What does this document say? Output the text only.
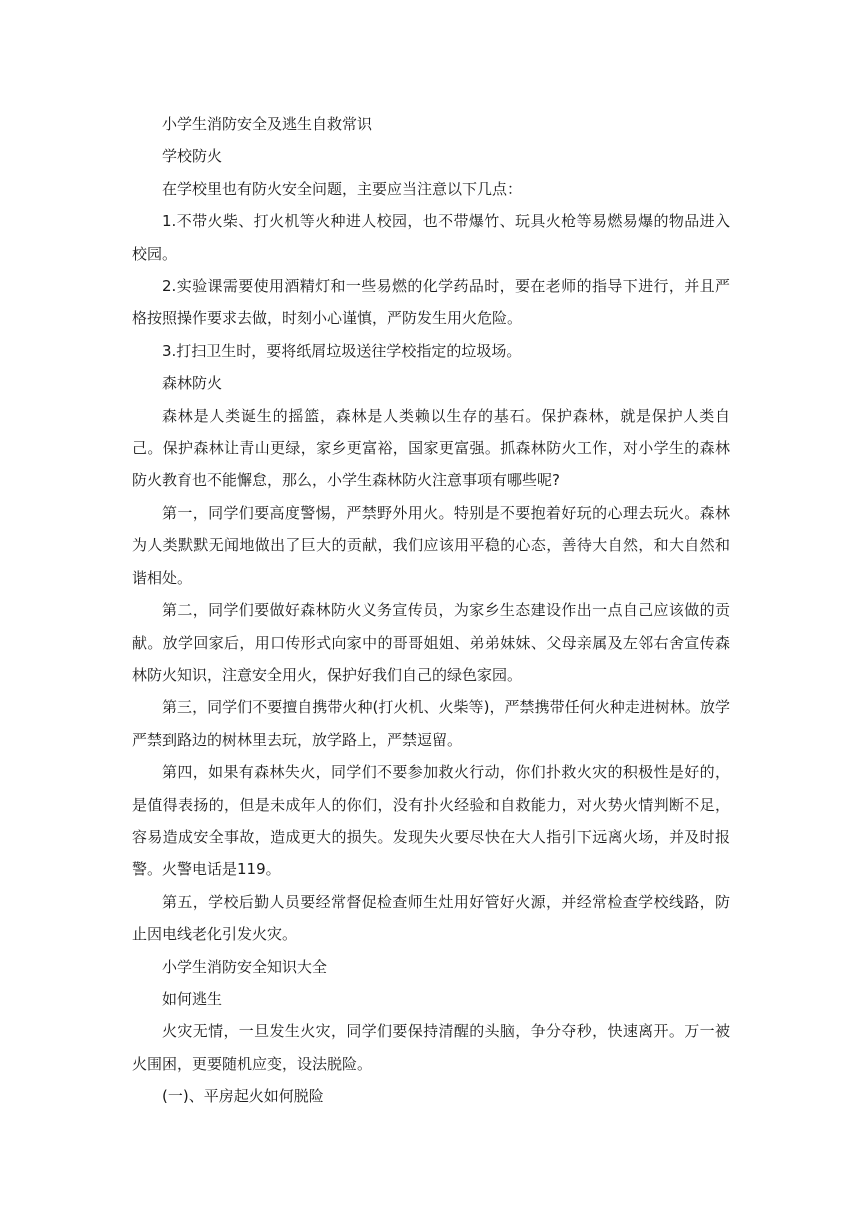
小学生消防安全及逃生自救常识

学校防火

在学校里也有防火安全问题，主要应当注意以下几点：

1.不带火柴、打火机等火种进人校园，也不带爆竹、玩具火枪等易燃易爆的物品进入校园。

2.实验课需要使用酒精灯和一些易燃的化学药品时，要在老师的指导下进行，并且严格按照操作要求去做，时刻小心谨慎，严防发生用火危险。

3.打扫卫生时，要将纸屑垃圾送往学校指定的垃圾场。

森林防火

森林是人类诞生的摇篮，森林是人类赖以生存的基石。保护森林，就是保护人类自己。保护森林让青山更绿，家乡更富裕，国家更富强。抓森林防火工作，对小学生的森林防火教育也不能懈怠，那么，小学生森林防火注意事项有哪些呢?

第一，同学们要高度警惕，严禁野外用火。特别是不要抱着好玩的心理去玩火。森林为人类默默无闻地做出了巨大的贡献，我们应该用平稳的心态，善待大自然，和大自然和谐相处。

第二，同学们要做好森林防火义务宣传员，为家乡生态建设作出一点自己应该做的贡献。放学回家后，用口传形式向家中的哥哥姐姐、弟弟妹妹、父母亲属及左邻右舍宣传森林防火知识，注意安全用火，保护好我们自己的绿色家园。

第三，同学们不要擅自携带火种(打火机、火柴等)，严禁携带任何火种走进树林。放学严禁到路边的树林里去玩，放学路上，严禁逗留。

第四，如果有森林失火，同学们不要参加救火行动，你们扑救火灾的积极性是好的，是值得表扬的，但是未成年人的你们，没有扑火经验和自救能力，对火势火情判断不足，容易造成安全事故，造成更大的损失。发现失火要尽快在大人指引下远离火场，并及时报警。火警电话是119。

第五，学校后勤人员要经常督促检查师生灶用好管好火源，并经常检查学校线路，防止因电线老化引发火灾。

小学生消防安全知识大全

如何逃生

火灾无情，一旦发生火灾，同学们要保持清醒的头脑，争分夺秒，快速离开。万一被火围困，更要随机应变，设法脱险。

(一)、平房起火如何脱险
